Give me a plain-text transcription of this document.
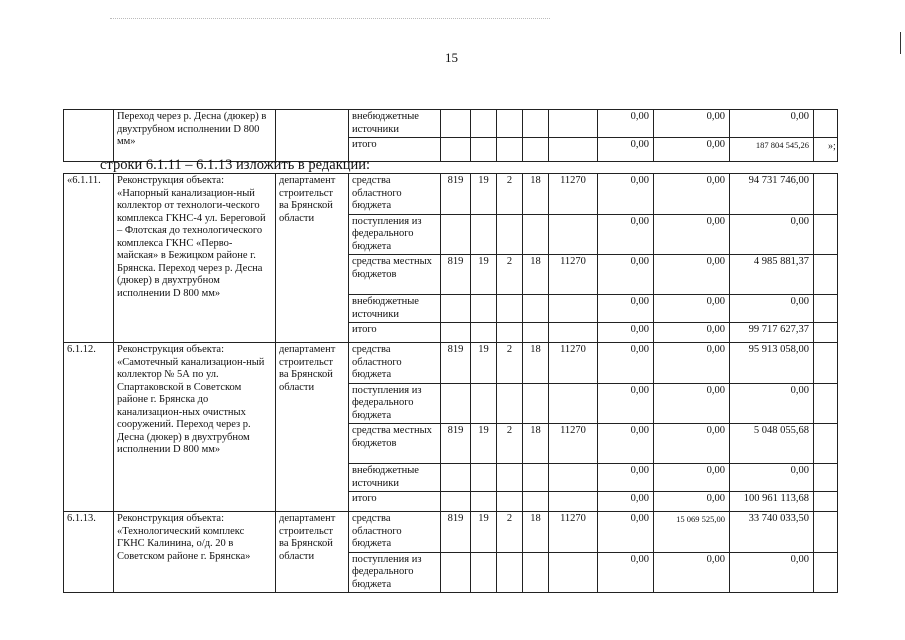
15
	Переход через р. Десна (дюкер) в двухтрубном исполнении D 800 мм»		внебюджетные источники						0,00	0,00	0,00	
			итого						0,00	0,00	187 804 545,26	»;
строки 6.1.11 – 6.1.13 изложить в редакции:
«6.1.11.	Реконструкция объекта: «Напорный канализацион-ный коллектор от технологи-ческого комплекса ГКНС-4 ул. Береговой – Флотская до технологического комплекса ГКНС «Перво-майская» в Бежицком районе г. Брянска. Переход через р. Десна (дюкер) в двухтрубном исполнении D 800 мм»	департамент строительст ва Брянской области	средства областного бюджета	819	19	2	18	11270	0,00	0,00	94 731 746,00	
			поступления из федерального бюджета						0,00	0,00	0,00	
			средства местных бюджетов	819	19	2	18	11270	0,00	0,00	4 985 881,37	
			внебюджетные источники						0,00	0,00	0,00	
			итого						0,00	0,00	99 717 627,37	
6.1.12.	Реконструкция объекта: «Самотечный канализацион-ный коллектор № 5А по ул. Спартаковской в Советском районе г. Брянска до канализацион-ных очистных сооружений. Переход через р. Десна (дюкер) в двухтрубном исполнении D 800 мм»	департамент строительст ва Брянской области	средства областного бюджета	819	19	2	18	11270	0,00	0,00	95 913 058,00	
			поступления из федерального бюджета						0,00	0,00	0,00	
			средства местных бюджетов	819	19	2	18	11270	0,00	0,00	5 048 055,68	
			внебюджетные источники						0,00	0,00	0,00	
			итого						0,00	0,00	100 961 113,68	
6.1.13.	Реконструкция объекта: «Технологический комплекс ГКНС Калинина, о/д. 20 в Советском районе г. Брянска»	департамент строительст ва Брянской области	средства областного бюджета	819	19	2	18	11270	0,00	15 069 525,00	33 740 033,50	
			поступления из федерального бюджета						0,00	0,00	0,00	
